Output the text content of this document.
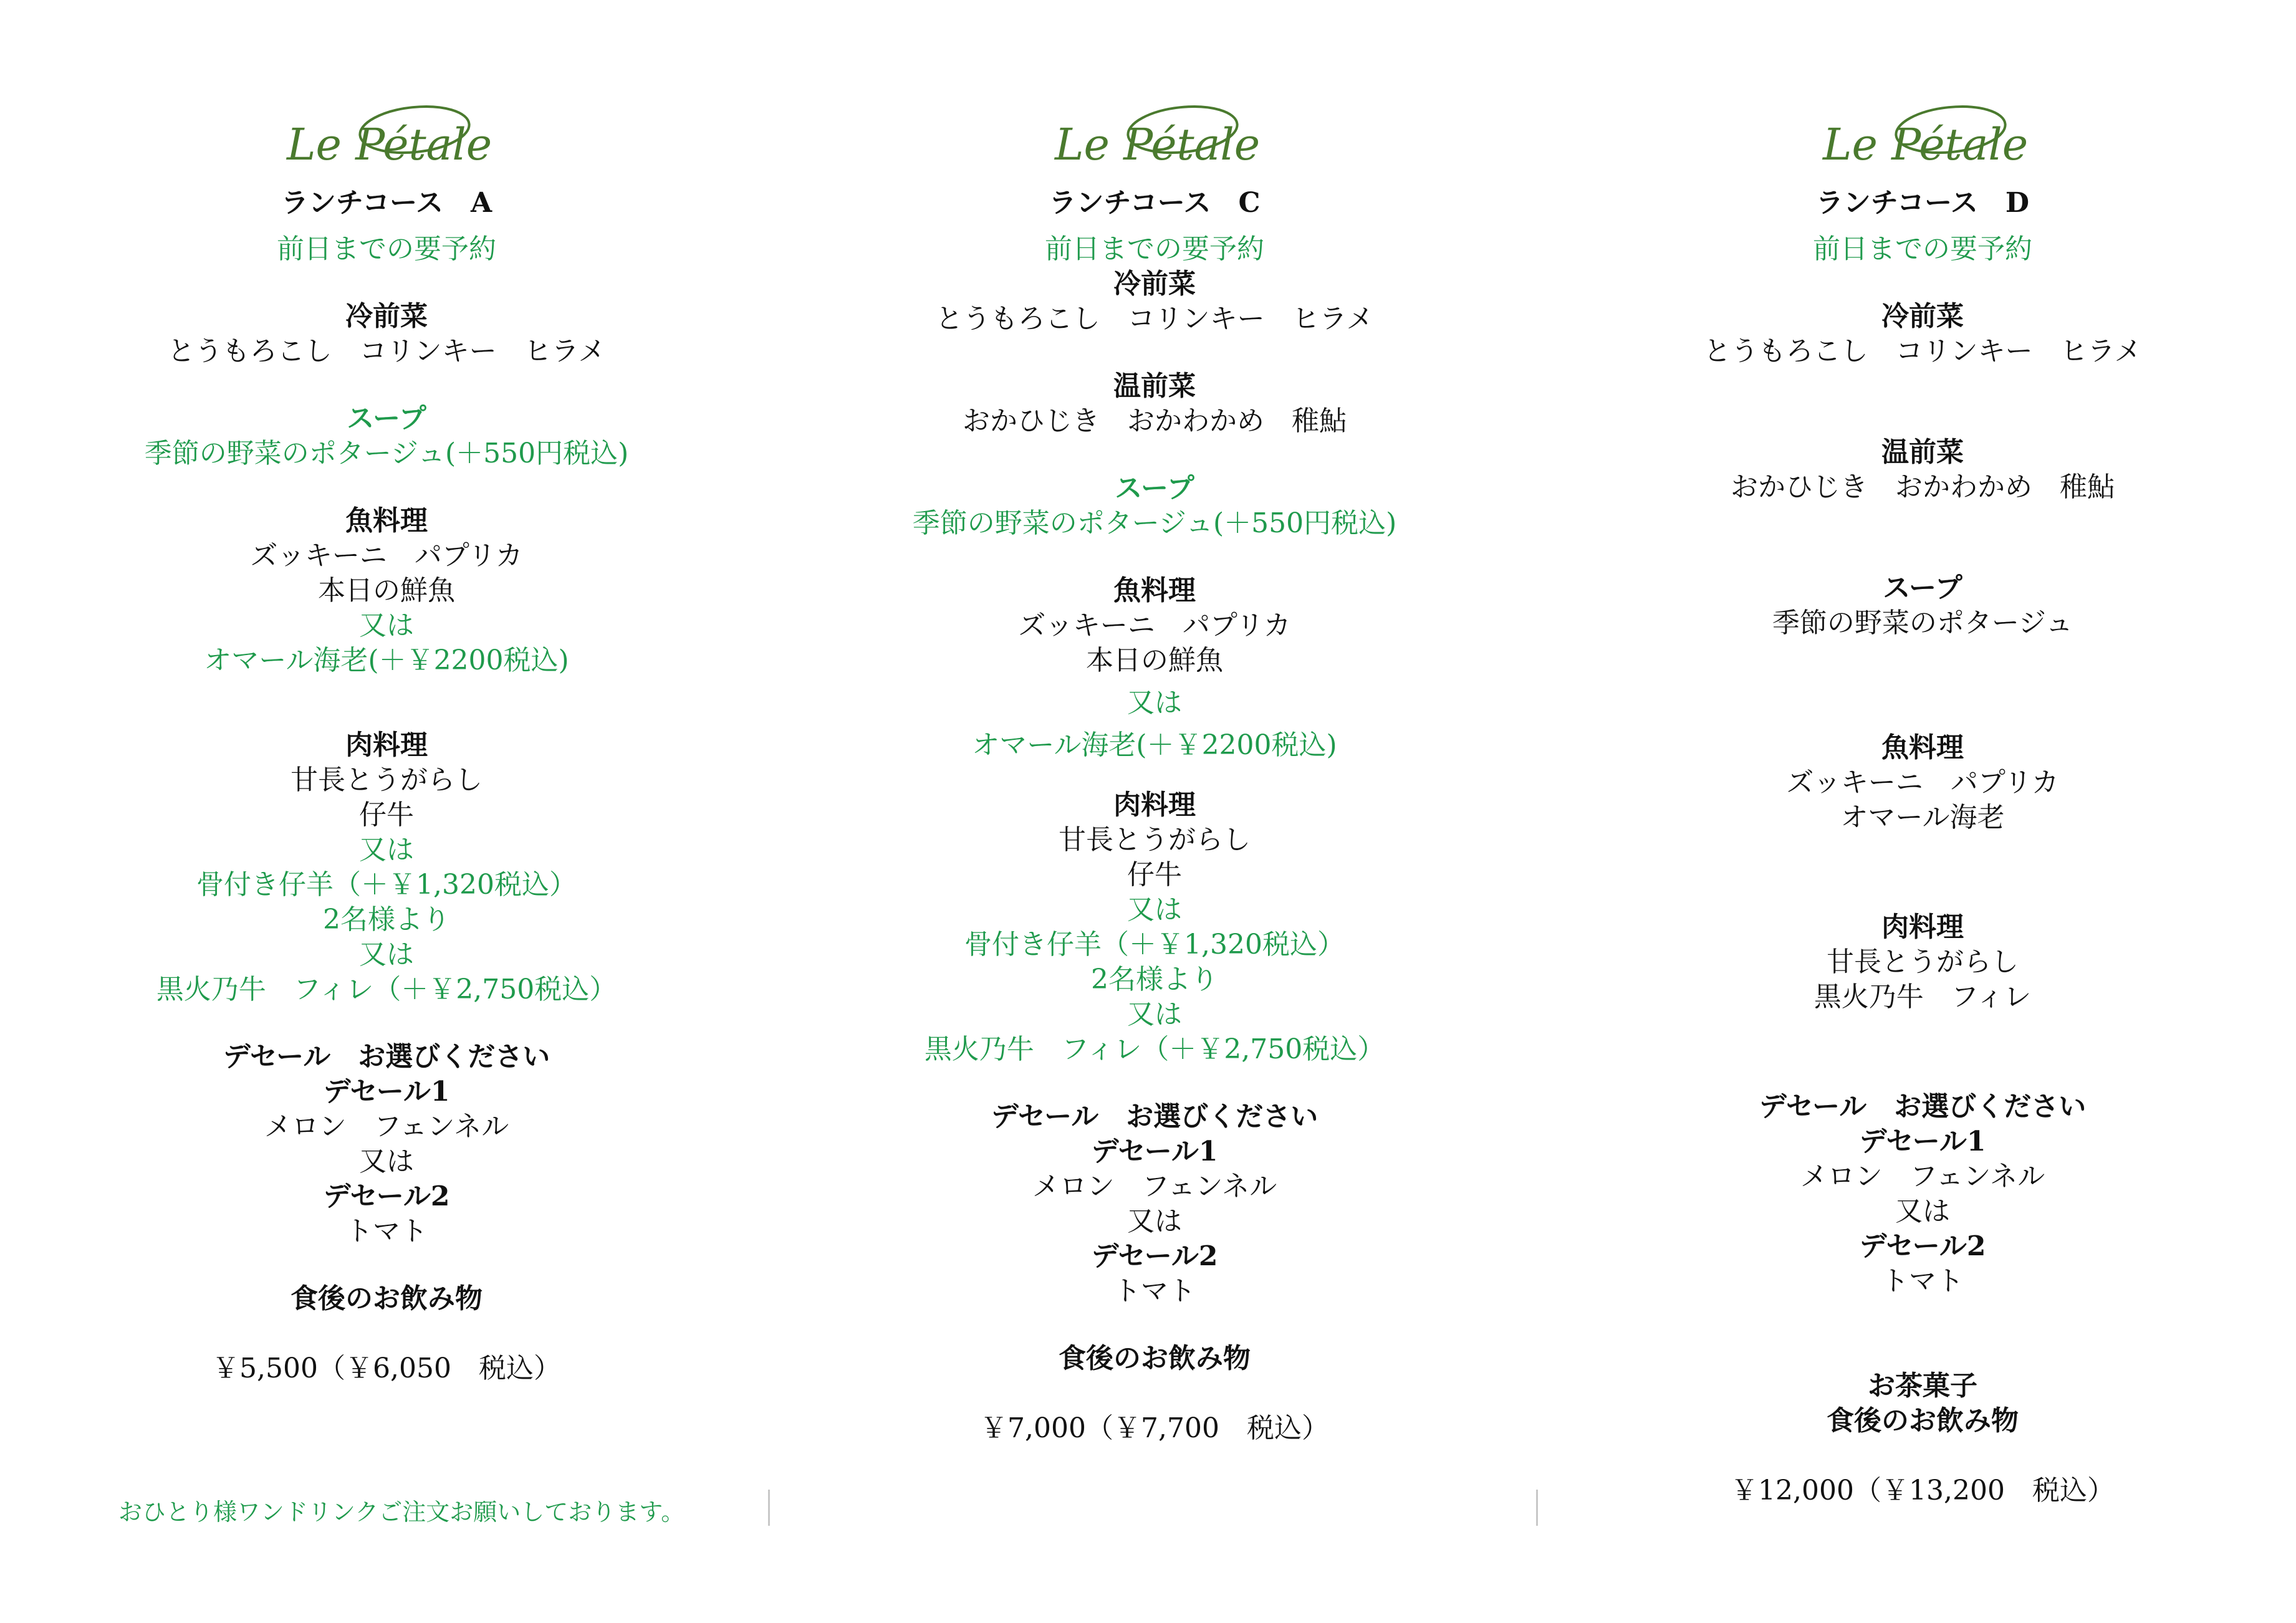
Le Pétale
ランチコース　A
前日までの要予約
冷前菜
とうもろこし　コリンキー　ヒラメ
スープ
季節の野菜のポタージュ(＋550円税込)
魚料理
ズッキーニ　パプリカ
本日の鮮魚
又は
オマール海老(＋￥2200税込)
肉料理
甘長とうがらし
仔牛
又は
骨付き仔羊（＋￥1,320税込）
2名様より
又は
黒火乃牛　フィレ（＋￥2,750税込）
デセール　お選びください
デセール1
メロン　フェンネル
又は
デセール2
トマト
食後のお飲み物
￥5,500（￥6,050　税込）
Le Pétale
ランチコース　C
前日までの要予約
冷前菜
とうもろこし　コリンキー　ヒラメ
温前菜
おかひじき　おかわかめ　稚鮎
スープ
季節の野菜のポタージュ(＋550円税込)
魚料理
ズッキーニ　パプリカ
本日の鮮魚
又は
オマール海老(＋￥2200税込)
肉料理
甘長とうがらし
仔牛
又は
骨付き仔羊（＋￥1,320税込）
2名様より
又は
黒火乃牛　フィレ（＋￥2,750税込）
デセール　お選びください
デセール1
メロン　フェンネル
又は
デセール2
トマト
食後のお飲み物
￥7,000（￥7,700　税込）
Le Pétale
ランチコース　D
前日までの要予約
冷前菜
とうもろこし　コリンキー　ヒラメ
温前菜
おかひじき　おかわかめ　稚鮎
スープ
季節の野菜のポタージュ
魚料理
ズッキーニ　パプリカ
オマール海老
肉料理
甘長とうがらし
黒火乃牛　フィレ
デセール　お選びください
デセール1
メロン　フェンネル
又は
デセール2
トマト
お茶菓子
食後のお飲み物
￥12,000（￥13,200　税込）
おひとり様ワンドリンクご注文お願いしております。
